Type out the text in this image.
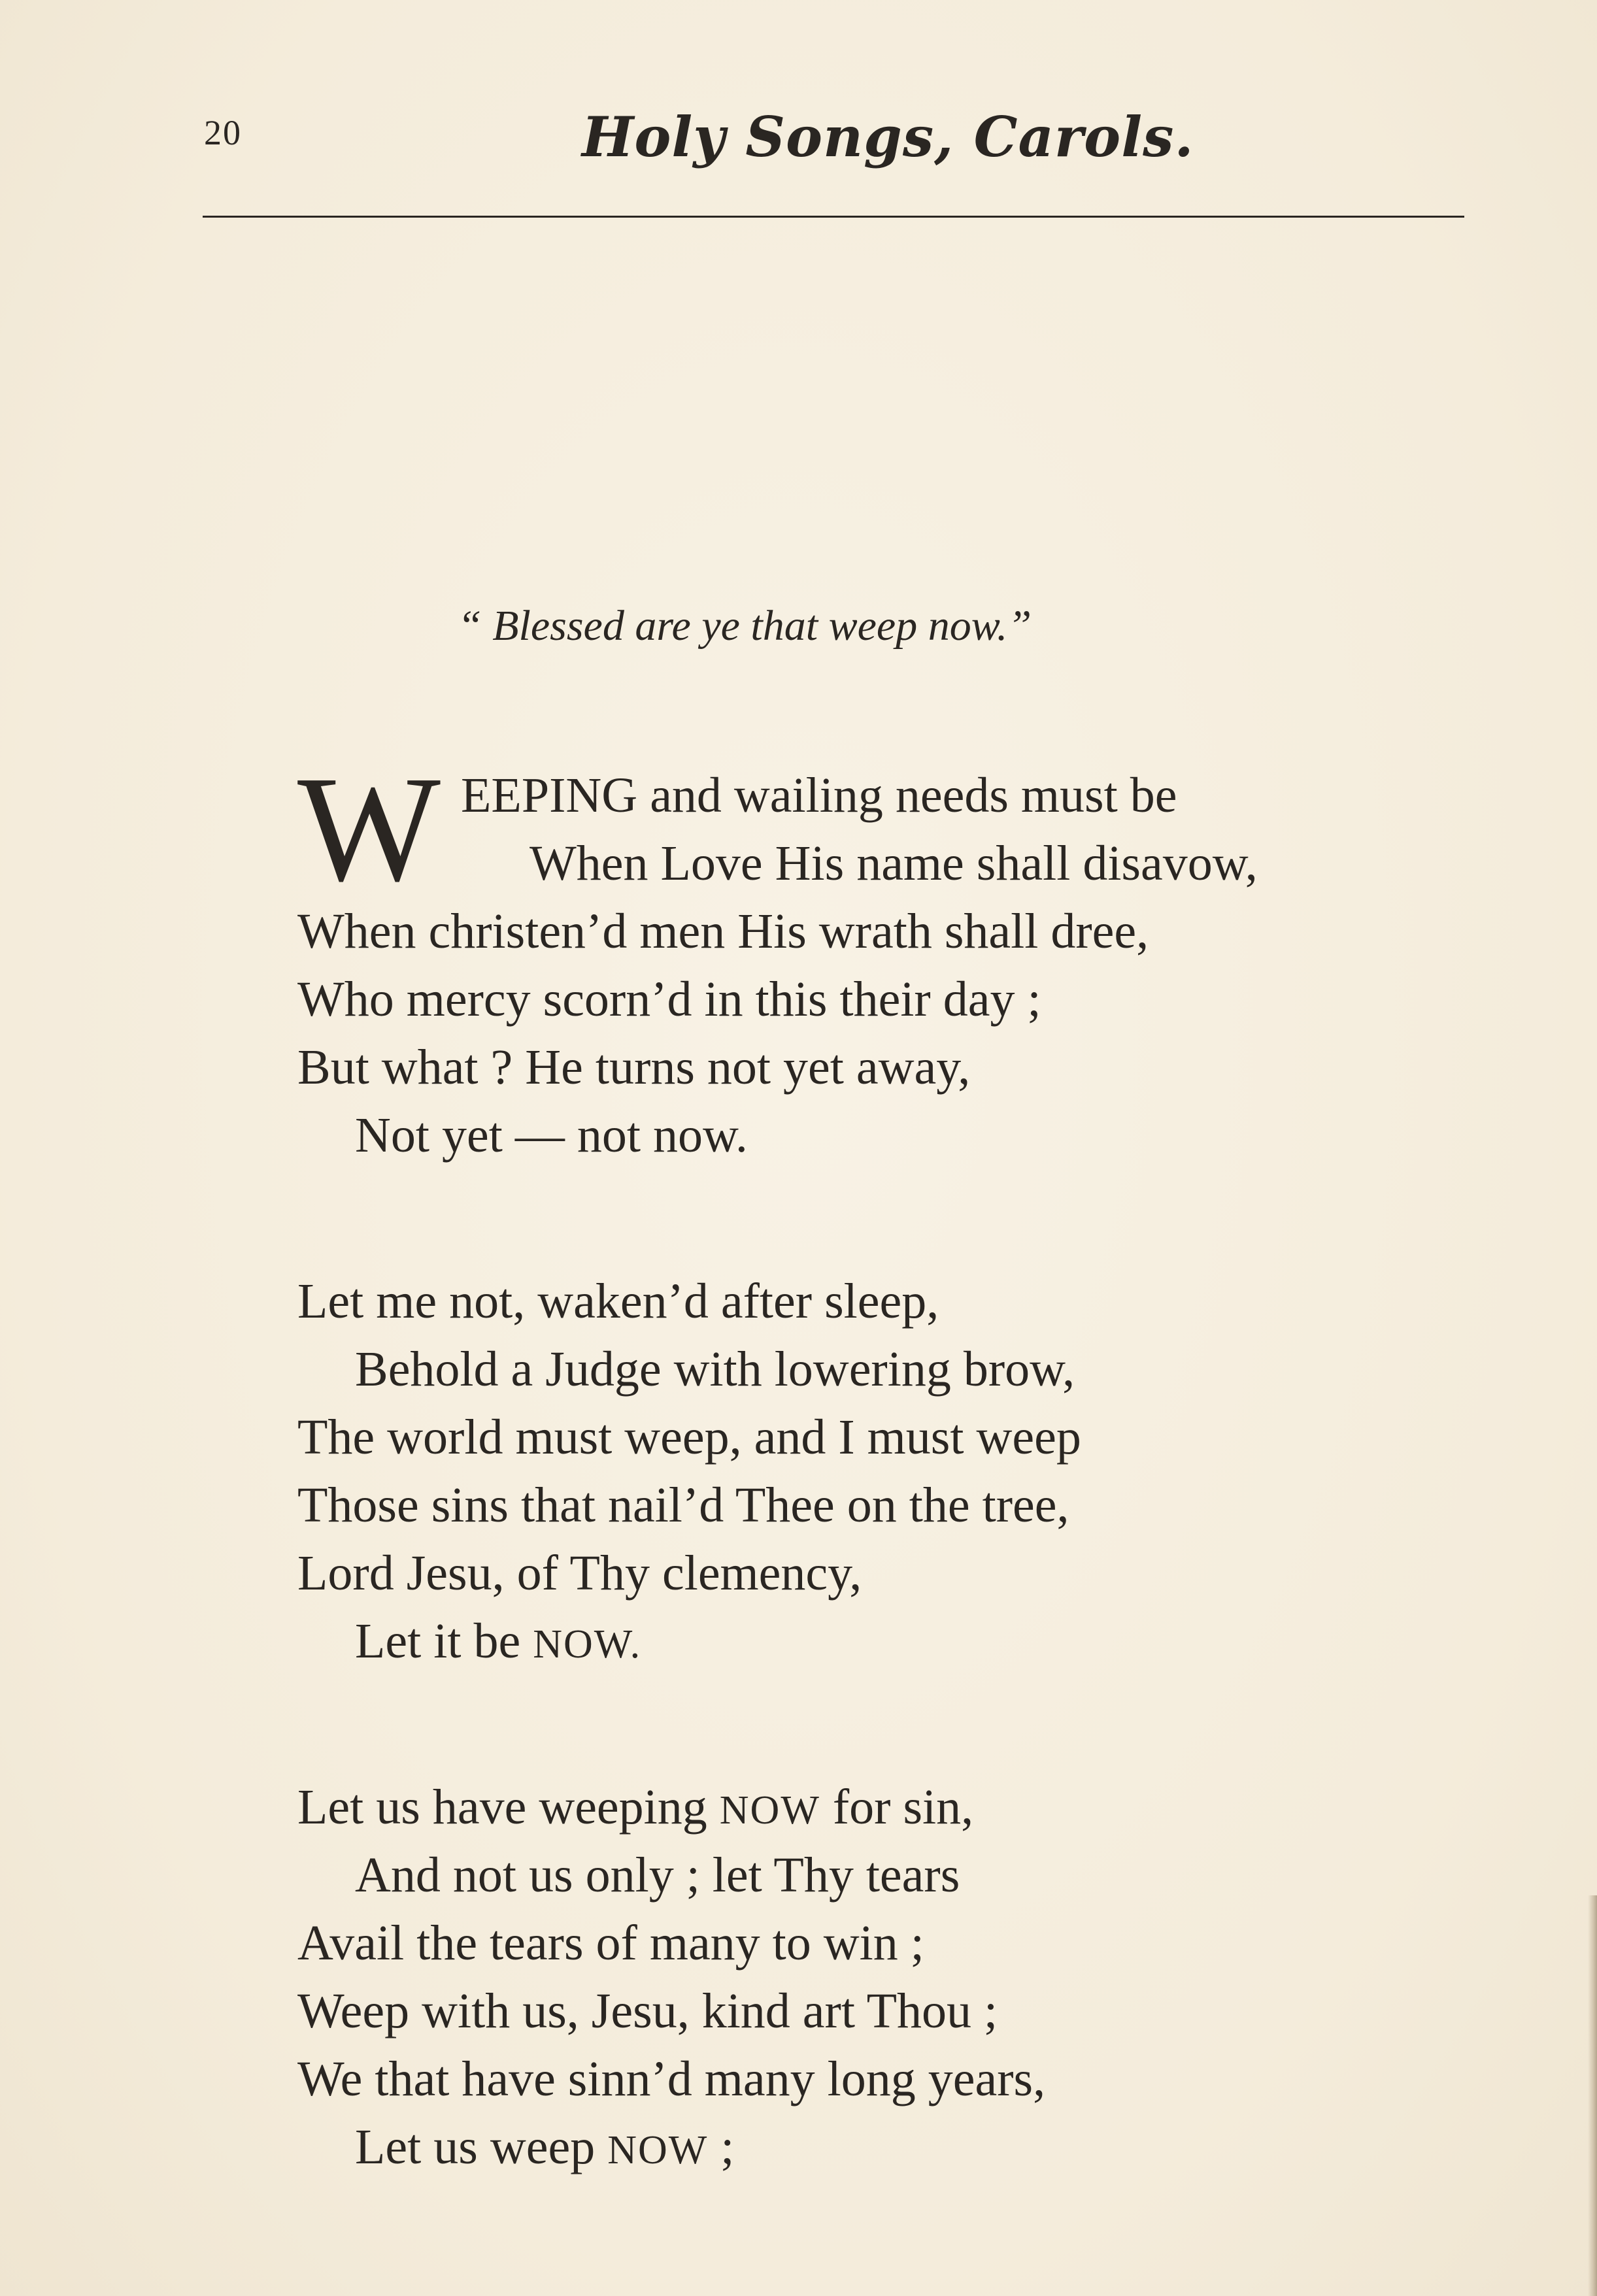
20	Holy Songs, Carols.
“ Blessed are ye that weep now.”
W EEPING and wailing needs must be
When Love His name shall disavow,
When christen’d men His wrath shall dree,
Who mercy scorn’d in this their day ;
But what ? He turns not yet away,
Not yet — not now.
Let me not, waken’d after sleep,
Behold a Judge with lowering brow,
The world must weep, and I must weep
Those sins that nail’d Thee on the tree,
Lord Jesu, of Thy clemency,
Let it be NOW.
Let us have weeping NOW for sin,
And not us only ; let Thy tears
Avail the tears of many to win ;
Weep with us, Jesu, kind art Thou ;
We that have sinn’d many long years,
Let us weep NOW ;
